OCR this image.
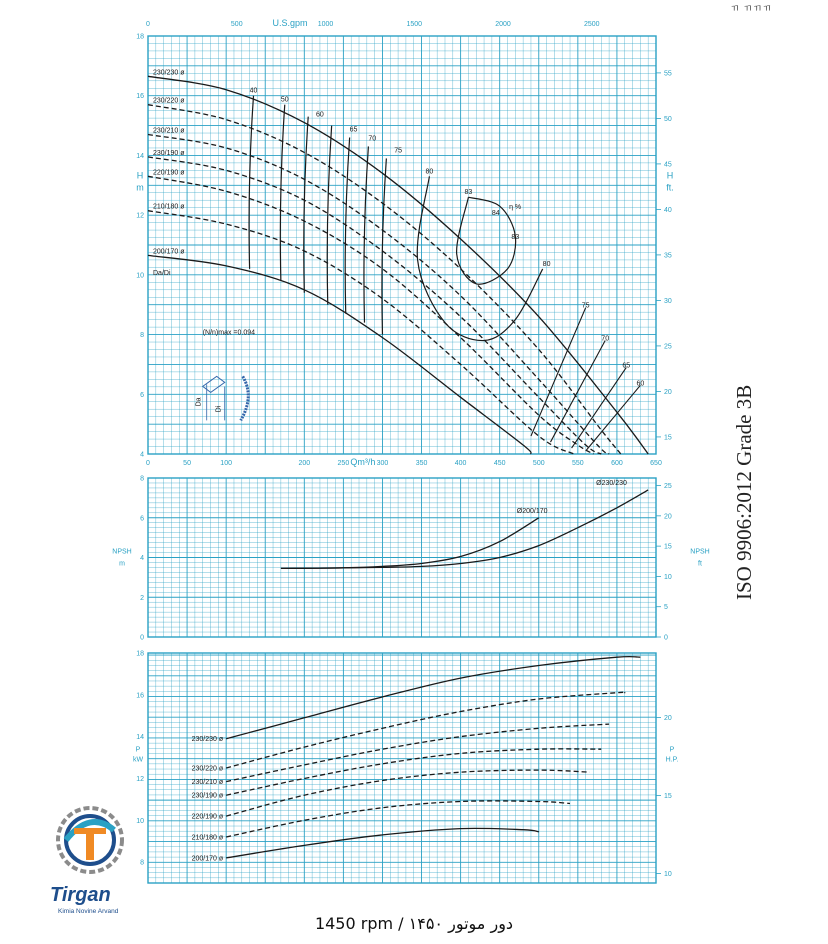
ﾢ ﾢﾢﾢ
0	50	100	200	250	300	350	400	450	500	550	600	650
Qm³/h
0	500	1000	1500	2000	2500
U.S.gpm
4
6
8
10
12
14
16
18
H
m
15
20
25
30
35
40
45
50
55
H
ft.
230/230 ø
230/220 ø
230/210 ø
230/190 ø
220/190 ø
210/180 ø
200/170 ø
40
50
60
65
70
75
80
83
84
83
80
75
70
65
60
η %
Da/Di
(N/n)max =0.094
Da
Di
0
2
4
6
8
NPSH
m
0
5
10
15
20
25
NPSH
ft
Ø200/170
Ø230/230
8
10
12
14
16
18
P
kW
10
15
20
P
H.P.
230/230 ø
230/220 ø
230/210 ø
230/190 ø
220/190 ø
210/180 ø
200/170 ø
ISO 9906:2012 Grade 3B
Tirgan
Kimia Novine Arvand
1450 rpm / ۱۴۵۰ دور موتور
